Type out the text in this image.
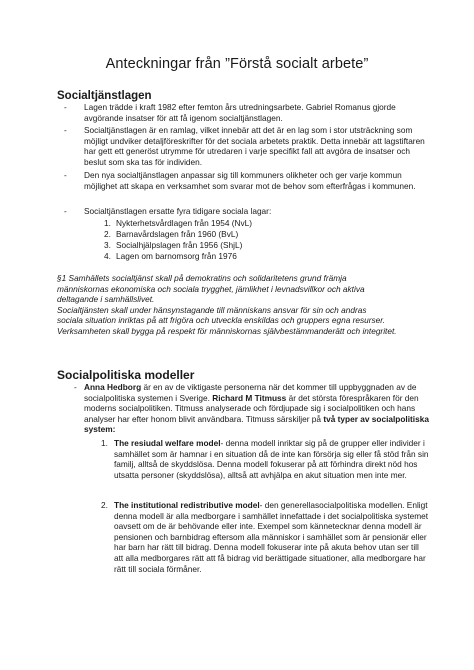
Anteckningar från ”Förstå socialt arbete”
Socialtjänstlagen
- Lagen trädde i kraft 1982 efter femton års utredningsarbete. Gabriel Romanus gjorde avgörande insatser för att få igenom socialtjänstlagen.
- Socialtjänstlagen är en ramlag, vilket innebär att det är en lag som i stor utsträckning som möjligt undviker detaljföreskrifter för det sociala arbetets praktik. Detta innebär att lagstiftaren har gett ett generöst utrymme för utredaren i varje specifikt fall att avgöra de insatser och beslut som ska tas för individen.
- Den nya socialtjänstlagen anpassar sig till kommuners olikheter och ger varje kommun möjlighet att skapa en verksamhet som svarar mot de behov som efterfrågas i kommunen.
- Socialtjänstlagen ersatte fyra tidigare sociala lagar:
1. Nykterhetsvårdlagen från 1954 (NvL)
2. Barnavårdslagen från 1960 (BvL)
3. Socialhjälpslagen från 1956 (ShjL)
4. Lagen om barnomsorg från 1976
§1 Samhällets socialtjänst skall på demokratins och solidaritetens grund främja
människornas ekonomiska och sociala trygghet, jämlikhet i levnadsvillkor och aktiva
deltagande i samhällslivet.
Socialtjänsten skall under hänsynstagande till människans ansvar för sin och andras
sociala situation inriktas på att frigöra och utveckla enskildas och gruppers egna resurser.
Verksamheten skall bygga på respekt för människornas självbestämmanderätt och integritet.
Socialpolitiska modeller
- Anna Hedborg är en av de viktigaste personerna när det kommer till uppbyggnaden av de socialpolitiska systemen i Sverige. Richard M Titmuss är det största förespråkaren för den moderns socialpolitiken. Titmuss analyserade och fördjupade sig i socialpolitiken och hans analyser har efter honom blivit användbara. Titmuss särskiljer på två typer av socialpolitiska system:
1. The resiudal welfare model- denna modell inriktar sig på de grupper eller individer i samhället som är hamnar i en situation då de inte kan försörja sig eller få stöd från sin familj, alltså de skyddslösa. Denna modell fokuserar på att förhindra direkt nöd hos utsatta personer (skyddslösa), alltså att avhjälpa en akut situation men inte mer.
2. The institutional redistributive model- den generellasocialpolitiska modellen. Enligt denna modell är alla medborgare i samhället innefattade i det socialpolitiska systemet oavsett om de är behövande eller inte. Exempel som kännetecknar denna modell är pensionen och barnbidrag eftersom alla människor i samhället som är pensionär eller har barn har rätt till bidrag. Denna modell fokuserar inte på akuta behov utan ser till att alla medborgares rätt att få bidrag vid berättigade situationer, alla medborgare har rätt till sociala förmåner.
